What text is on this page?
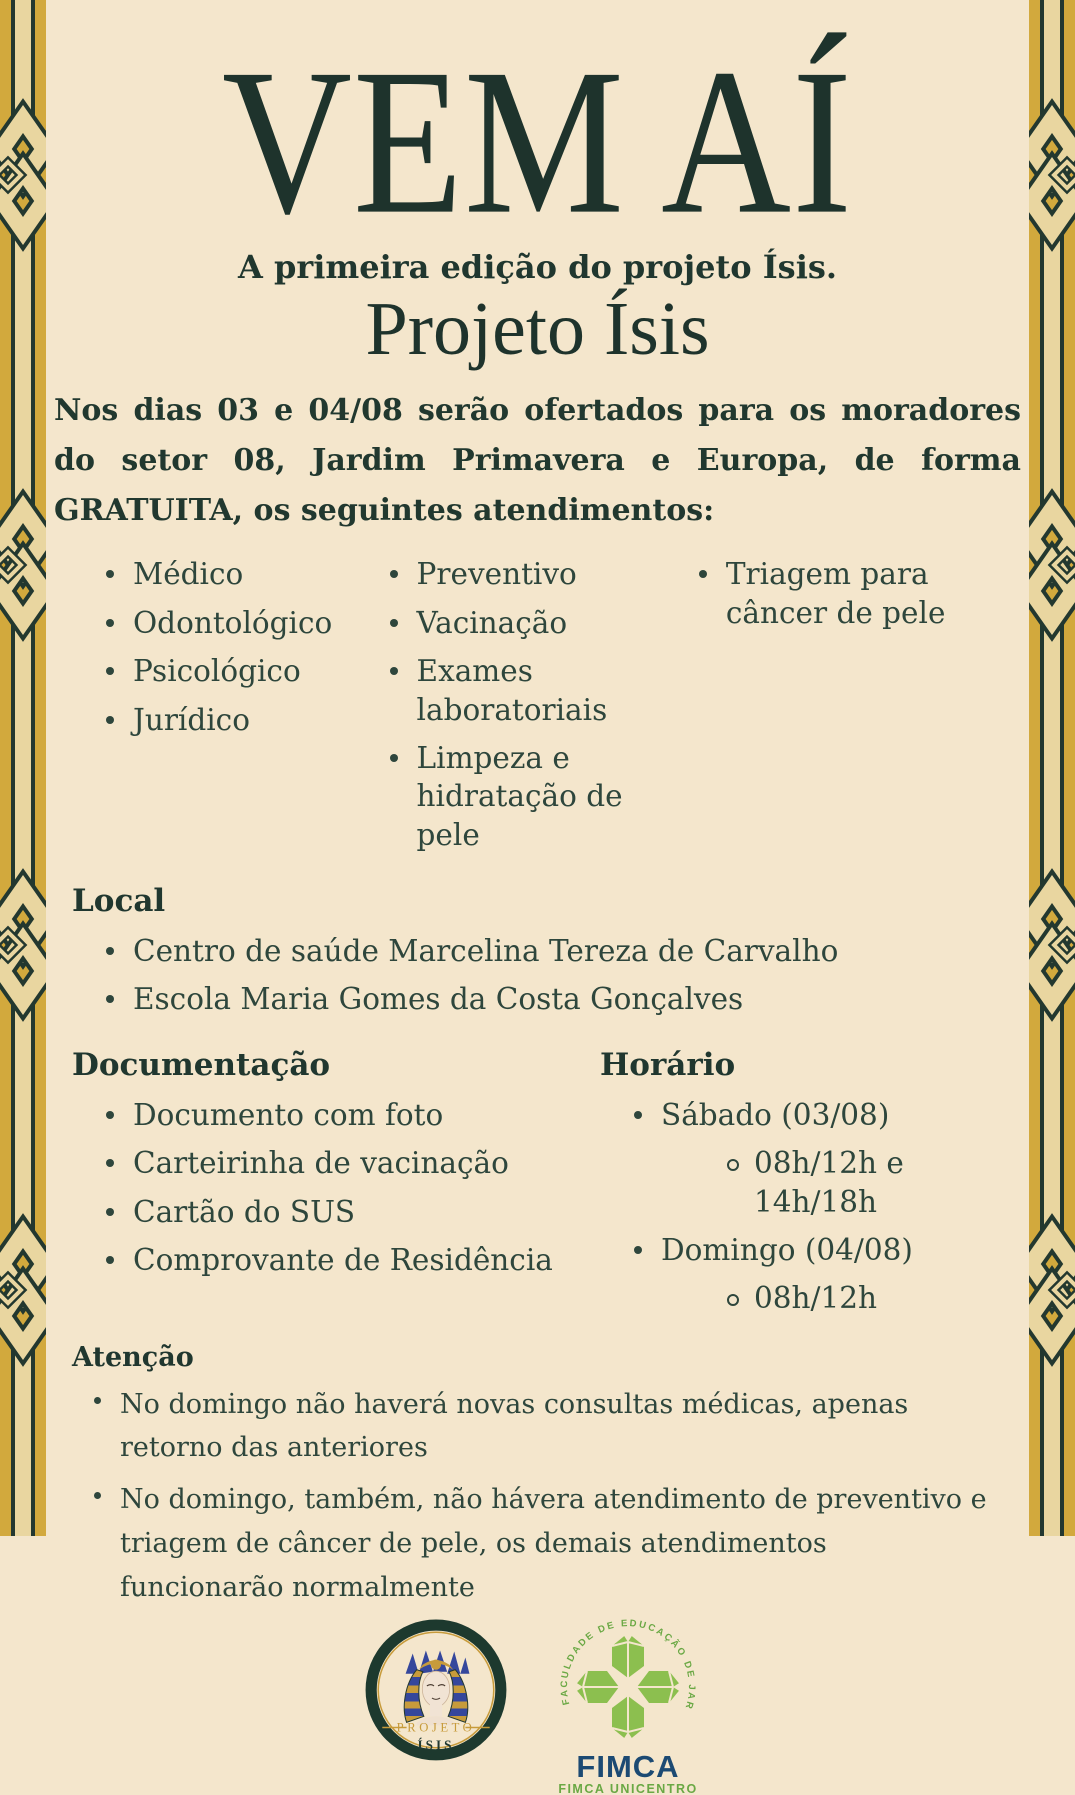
VEM AÍ
A primeira edição do projeto Ísis.
Projeto Ísis

Nos dias 03 e 04/08 serão ofertados para os moradores do setor 08, Jardim Primavera e Europa, de forma GRATUITA, os seguintes atendimentos:

Médico
Odontológico
Psicológico
Jurídico
Preventivo
Vacinação
Exames laboratoriais
Limpeza e hidratação de pele
Triagem para câncer de pele
Local
Centro de saúde Marcelina Tereza de Carvalho
Escola Maria Gomes da Costa Gonçalves
Documentação
Documento com foto
Carteirinha de vacinação
Cartão do SUS
Comprovante de Residência
Horário
Sábado (03/08)
08h/12h e 14h/18h
Domingo (04/08)
08h/12h
Atenção
No domingo não haverá novas consultas médicas, apenas retorno das anteriores
No domingo, também, não hávera atendimento de preventivo e triagem de câncer de pele, os demais atendimentos funcionarão normalmente
PROJETO
ÍSIS
FACULDADE DE EDUCAÇÃO DE JARU
FIMCA
FIMCA UNICENTRO
